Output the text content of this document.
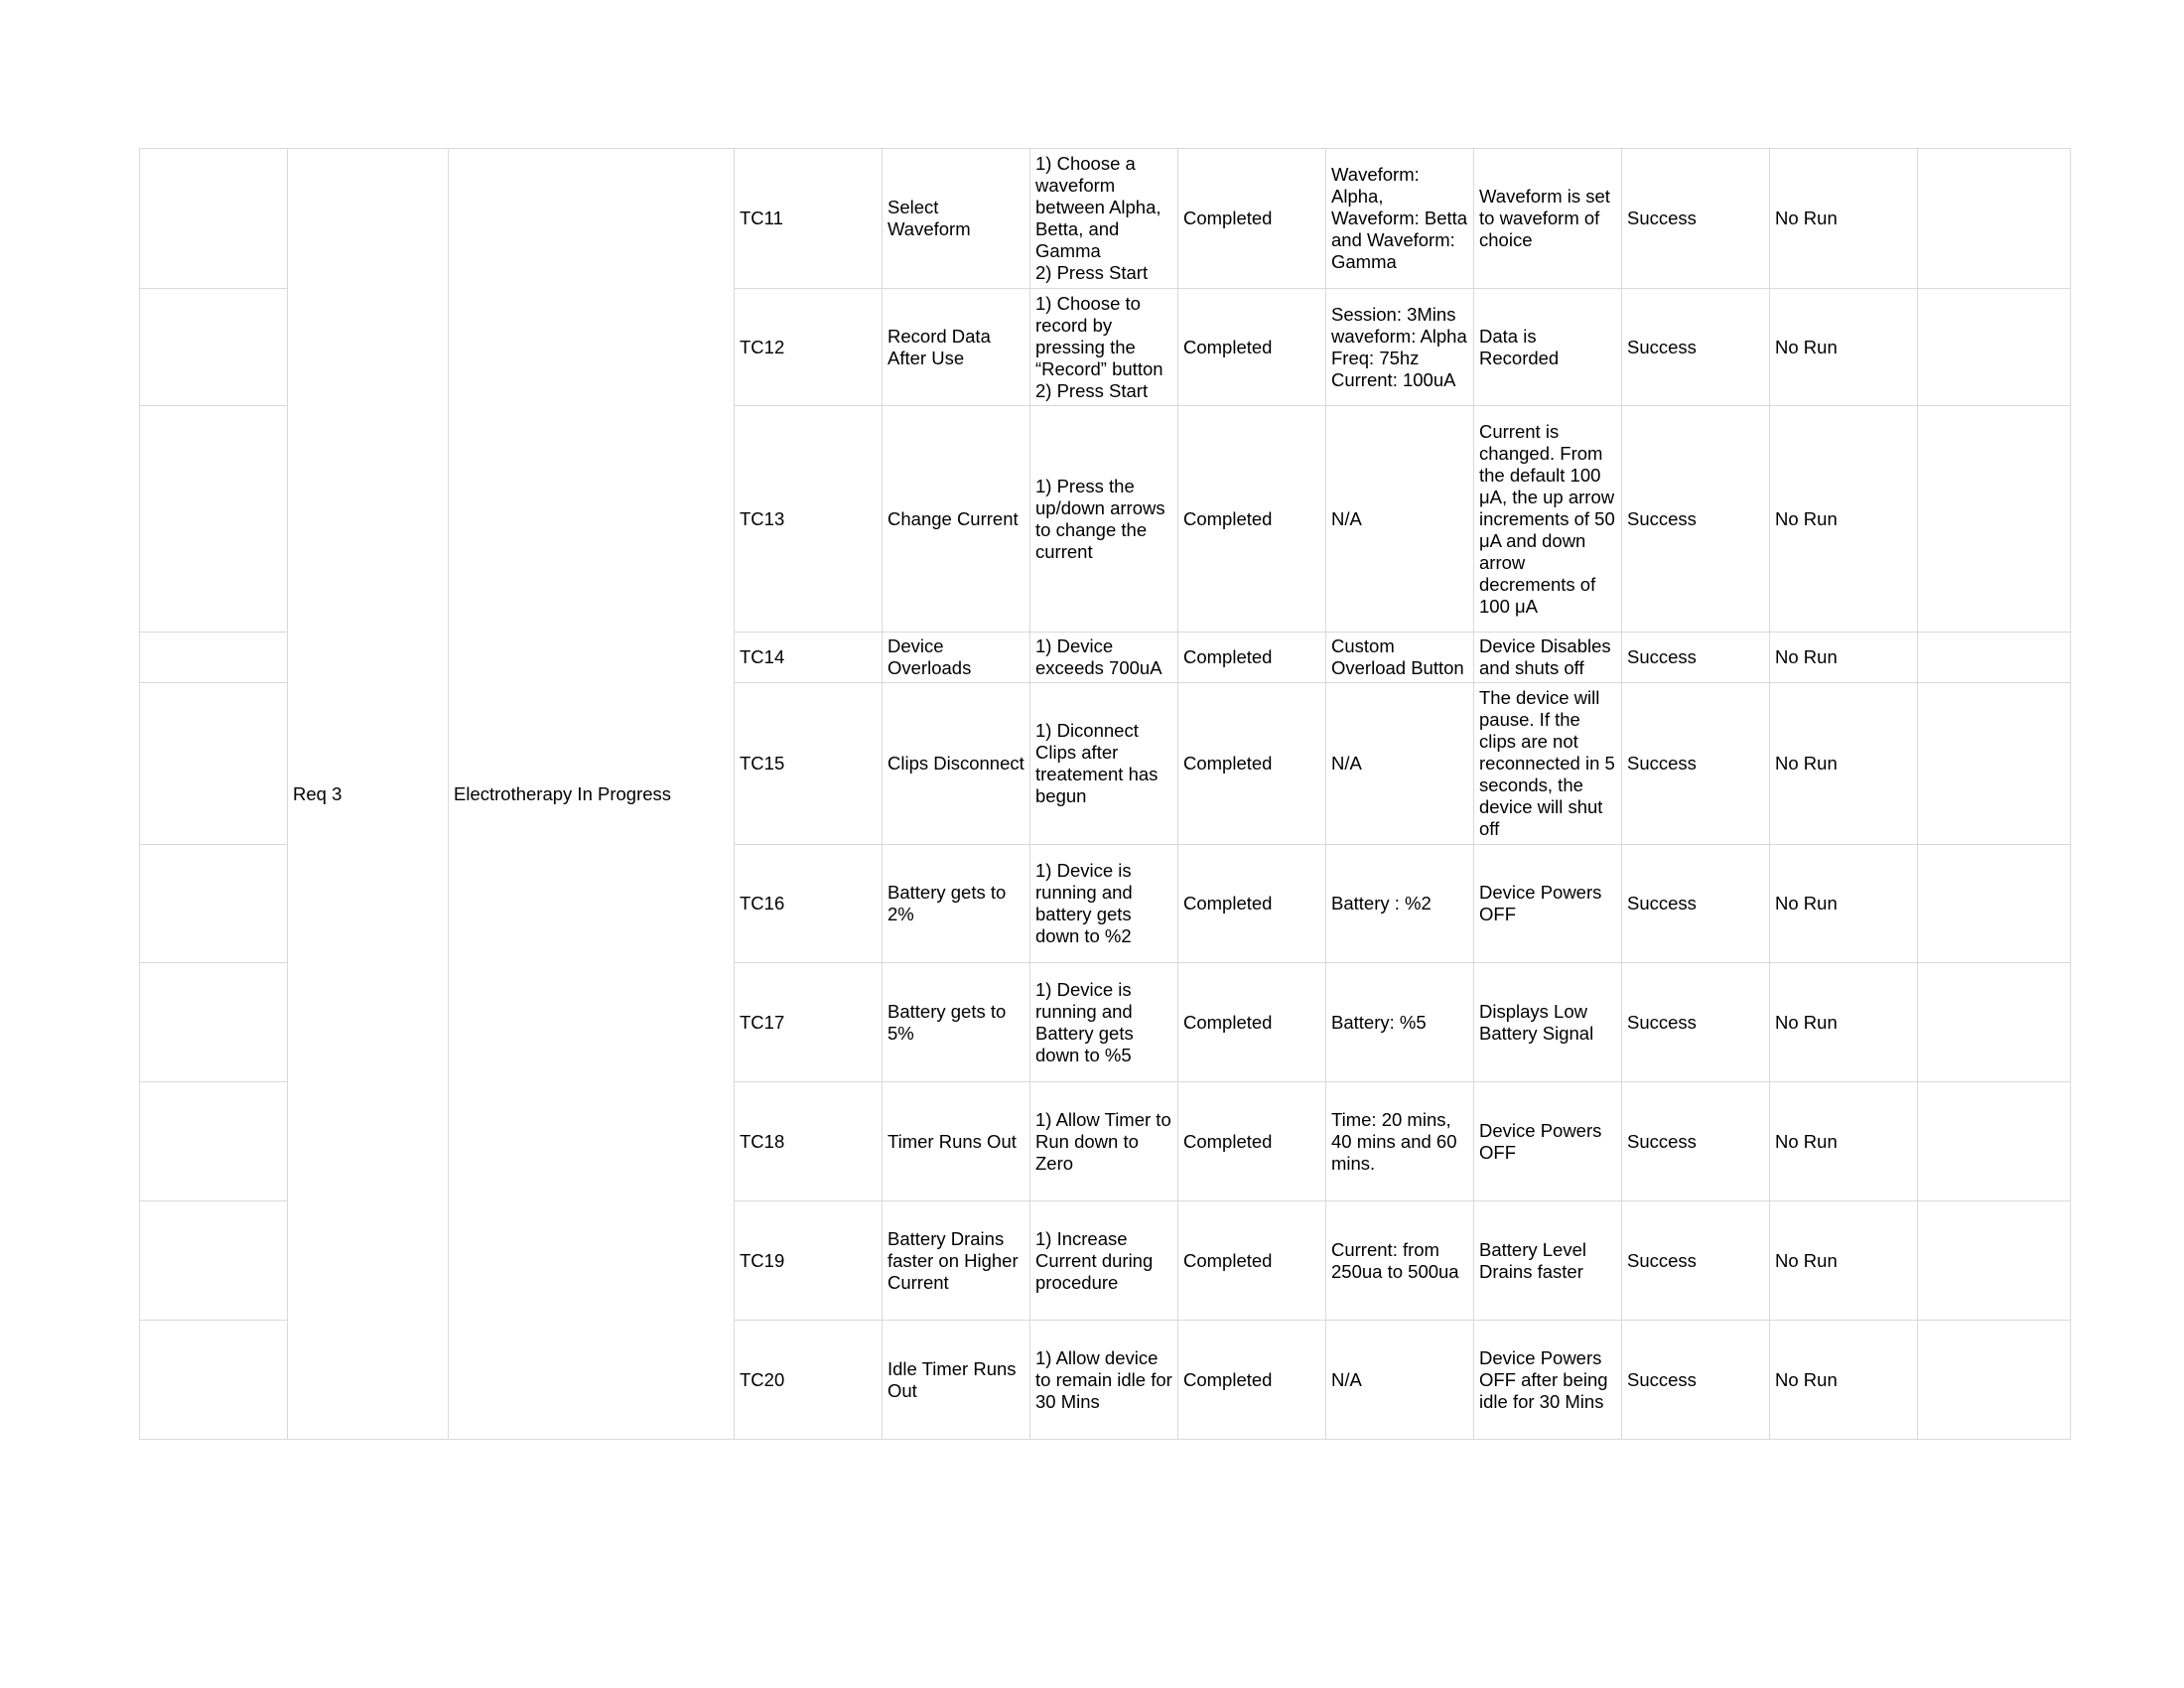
	Req 3	Electrotherapy In Progress	TC11	Select Waveform	1) Choose a waveform between Alpha, Betta, and Gamma
2) Press Start	Completed	Waveform: Alpha,
Waveform: Betta
and Waveform: Gamma	Waveform is set to waveform of choice	Success	No Run	
			TC12	Record Data After Use	1) Choose to record by pressing the “Record” button
2) Press Start	Completed	Session: 3Mins
waveform: Alpha
Freq: 75hz
Current: 100uA	Data is Recorded	Success	No Run	
			TC13	Change Current	1) Press the up/down arrows to change the current	Completed	N/A	Current is changed. From the default 100 μA, the up arrow increments of 50 μA and down arrow decrements of 100 μA	Success	No Run	
			TC14	Device Overloads	1) Device exceeds 700uA	Completed	Custom Overload Button	Device Disables and shuts off	Success	No Run	
			TC15	Clips Disconnect	1) Diconnect Clips after treatement has begun	Completed	N/A	The device will pause. If the clips are not reconnected in 5 seconds, the device will shut off	Success	No Run	
			TC16	Battery gets to 2%	1) Device is running and battery gets down to %2	Completed	Battery : %2	Device Powers OFF	Success	No Run	
			TC17	Battery gets to 5%	1) Device is running and Battery gets down to %5	Completed	Battery: %5	Displays Low Battery Signal	Success	No Run	
			TC18	Timer Runs Out	1) Allow Timer to Run down to Zero	Completed	Time: 20 mins, 40 mins and 60 mins.	Device Powers OFF	Success	No Run	
			TC19	Battery Drains faster on Higher Current	1) Increase Current during procedure	Completed	Current: from 250ua to 500ua	Battery Level Drains faster	Success	No Run	
			TC20	Idle Timer Runs Out	1) Allow device to remain idle for 30 Mins	Completed	N/A	Device Powers OFF after being idle for 30 Mins	Success	No Run	
